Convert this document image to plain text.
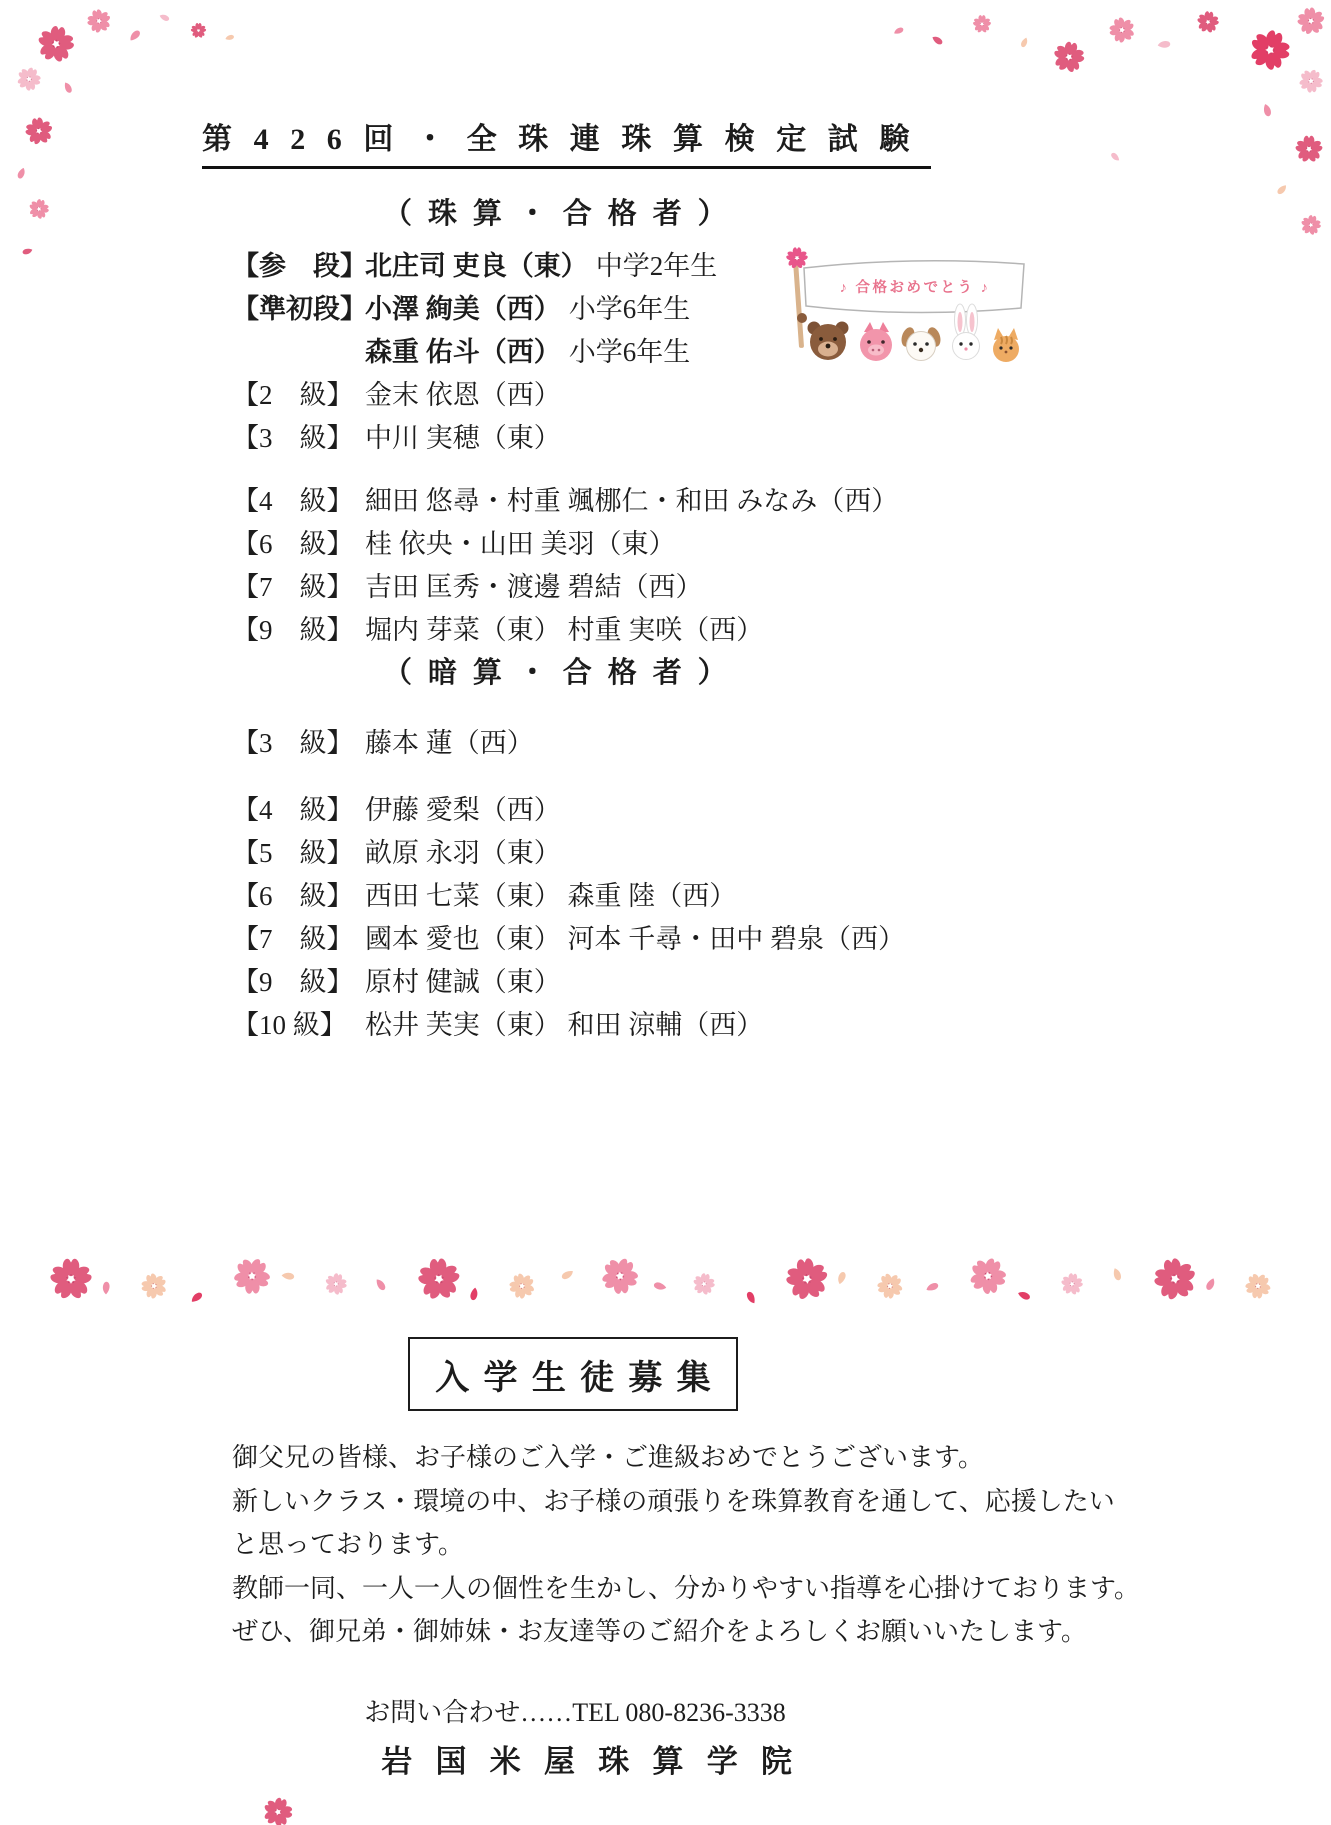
第426回・全珠連珠算検定試験
（珠算・合格者）
【参　段】
北庄司 吏良（東） 中学2年生
【準初段】
小澤 絢美（西） 小学6年生
森重 佑斗（西） 小学6年生
【2　級】 金末 依恩（西）
【3　級】 中川 実穂（東）
【4　級】 細田 悠尋・村重 颯梛仁・和田 みなみ（西）
【6　級】 桂 依央・山田 美羽（東）
【7　級】 吉田 匡秀・渡邊 碧結（西）
【9　級】 堀内 芽菜（東） 村重 実咲（西）
♪ 合格おめでとう ♪
（暗算・合格者）
【3　級】 藤本 蓮（西）
【4　級】 伊藤 愛梨（西）
【5　級】 畝原 永羽（東）
【6　級】 西田 七菜（東） 森重 陸（西）
【7　級】 國本 愛也（東） 河本 千尋・田中 碧泉（西）
【9　級】 原村 健誠（東）
【10 級】 松井 芙実（東） 和田 涼輔（西）
入学生徒募集
御父兄の皆様、お子様のご入学・ご進級おめでとうございます。
新しいクラス・環境の中、お子様の頑張りを珠算教育を通して、応援したい
と思っております。
教師一同、一人一人の個性を生かし、分かりやすい指導を心掛けております。
ぜひ、御兄弟・御姉妹・お友達等のご紹介をよろしくお願いいたします。
お問い合わせ……TEL 080-8236-3338
岩国米屋珠算学院
